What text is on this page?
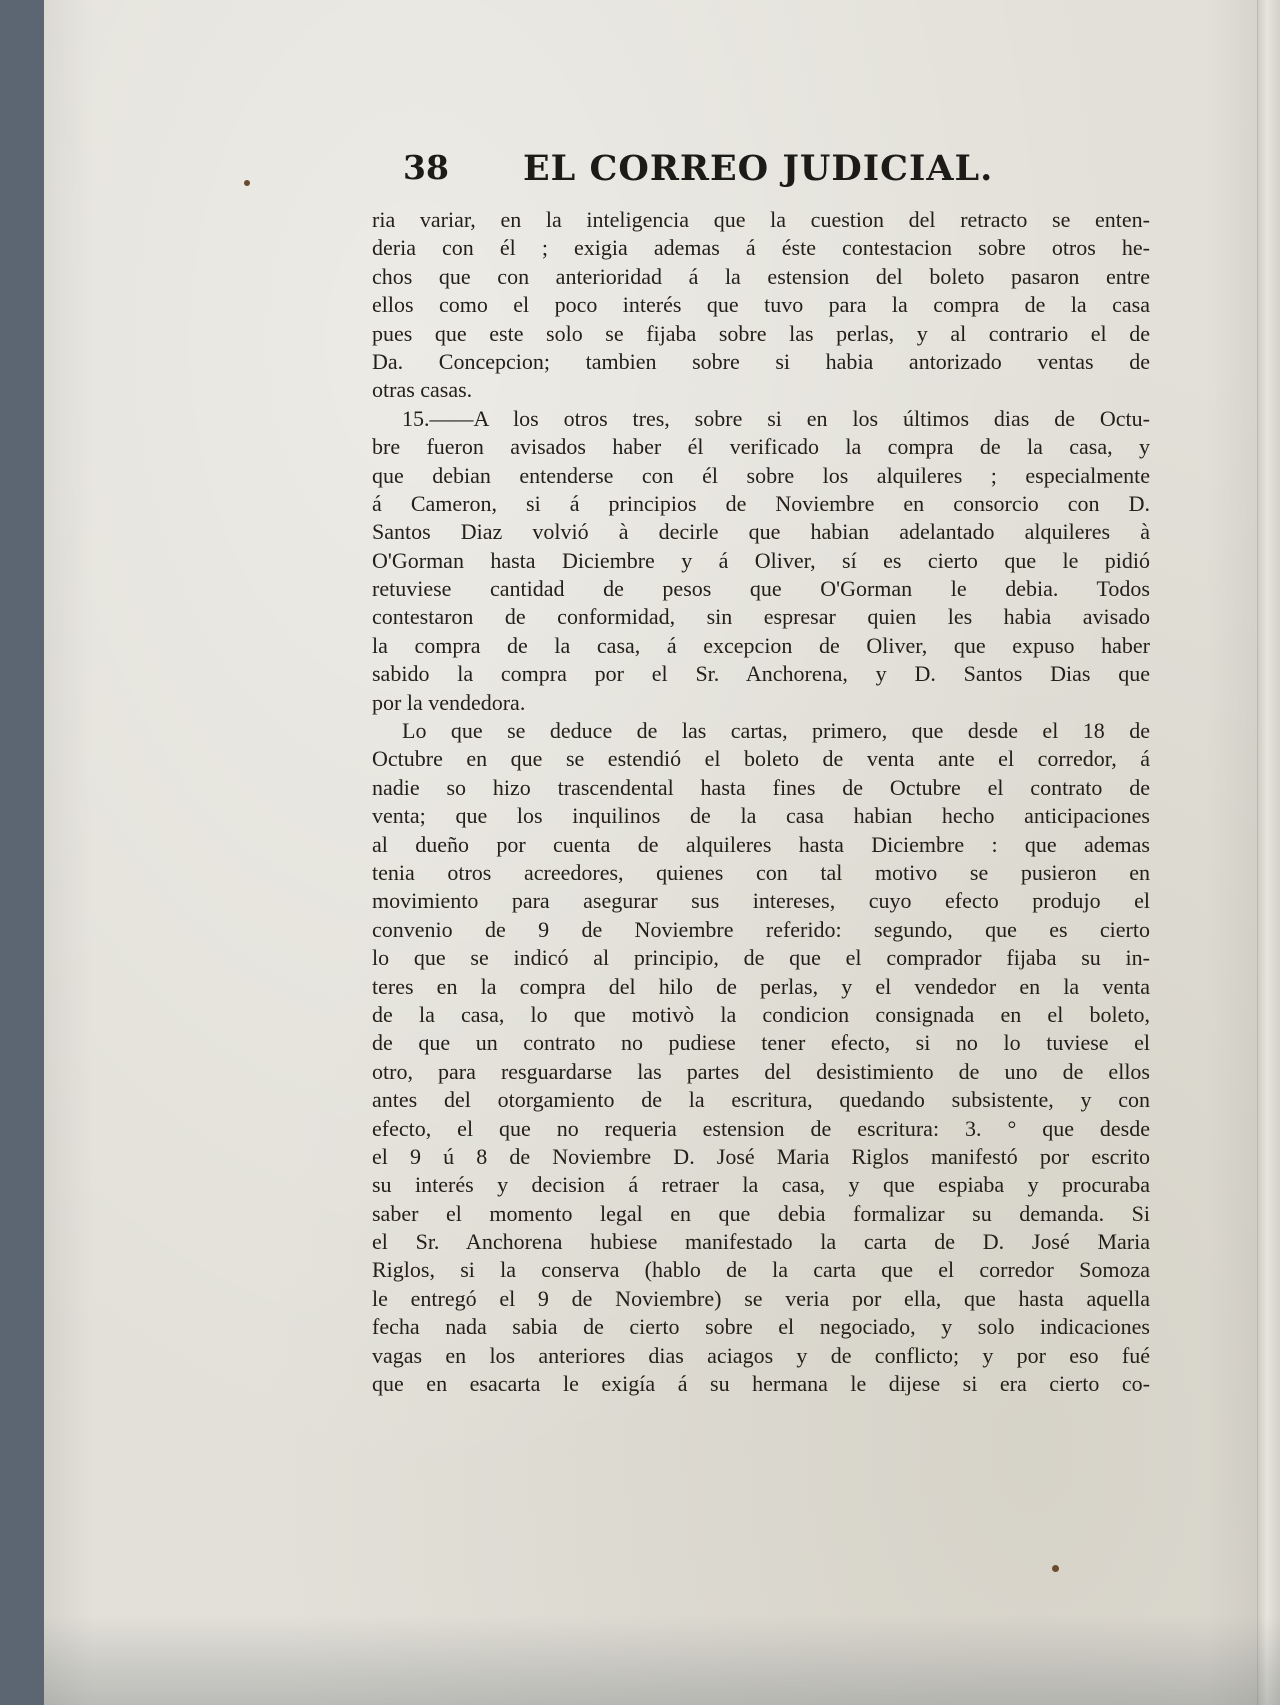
38 EL CORREO JUDICIAL.
ria variar, en la inteligencia que la cuestion del retracto se enten-
deria con él ; exigia ademas á éste contestacion sobre otros he-
chos que con anterioridad á la estension del boleto pasaron entre
ellos como el poco interés que tuvo para la compra de la casa
pues que este solo se fijaba sobre las perlas, y al contrario el de
Da. Concepcion; tambien sobre si habia antorizado ventas de
otras casas.
15.——A los otros tres, sobre si en los últimos dias de Octu-
bre fueron avisados haber él verificado la compra de la casa, y
que debian entenderse con él sobre los alquileres ; especialmente
á Cameron, si á principios de Noviembre en consorcio con D.
Santos Diaz volvió à decirle que habian adelantado alquileres à
O'Gorman hasta Diciembre y á Oliver, sí es cierto que le pidió
retuviese cantidad de pesos que O'Gorman le debia. Todos
contestaron de conformidad, sin espresar quien les habia avisado
la compra de la casa, á excepcion de Oliver, que expuso haber
sabido la compra por el Sr. Anchorena, y D. Santos Dias que
por la vendedora.
Lo que se deduce de las cartas, primero, que desde el 18 de
Octubre en que se estendió el boleto de venta ante el corredor, á
nadie so hizo trascendental hasta fines de Octubre el contrato de
venta; que los inquilinos de la casa habian hecho anticipaciones
al dueño por cuenta de alquileres hasta Diciembre : que ademas
tenia otros acreedores, quienes con tal motivo se pusieron en
movimiento para asegurar sus intereses, cuyo efecto produjo el
convenio de 9 de Noviembre referido: segundo, que es cierto
lo que se indicó al principio, de que el comprador fijaba su in-
teres en la compra del hilo de perlas, y el vendedor en la venta
de la casa, lo que motivò la condicion consignada en el boleto,
de que un contrato no pudiese tener efecto, si no lo tuviese el
otro, para resguardarse las partes del desistimiento de uno de ellos
antes del otorgamiento de la escritura, quedando subsistente, y con
efecto, el que no requeria estension de escritura: 3. ° que desde
el 9 ú 8 de Noviembre D. José Maria Riglos manifestó por escrito
su interés y decision á retraer la casa, y que espiaba y procuraba
saber el momento legal en que debia formalizar su demanda. Si
el Sr. Anchorena hubiese manifestado la carta de D. José Maria
Riglos, si la conserva (hablo de la carta que el corredor Somoza
le entregó el 9 de Noviembre) se veria por ella, que hasta aquella
fecha nada sabia de cierto sobre el negociado, y solo indicaciones
vagas en los anteriores dias aciagos y de conflicto; y por eso fué
que en esacarta le exigía á su hermana le dijese si era cierto co-
